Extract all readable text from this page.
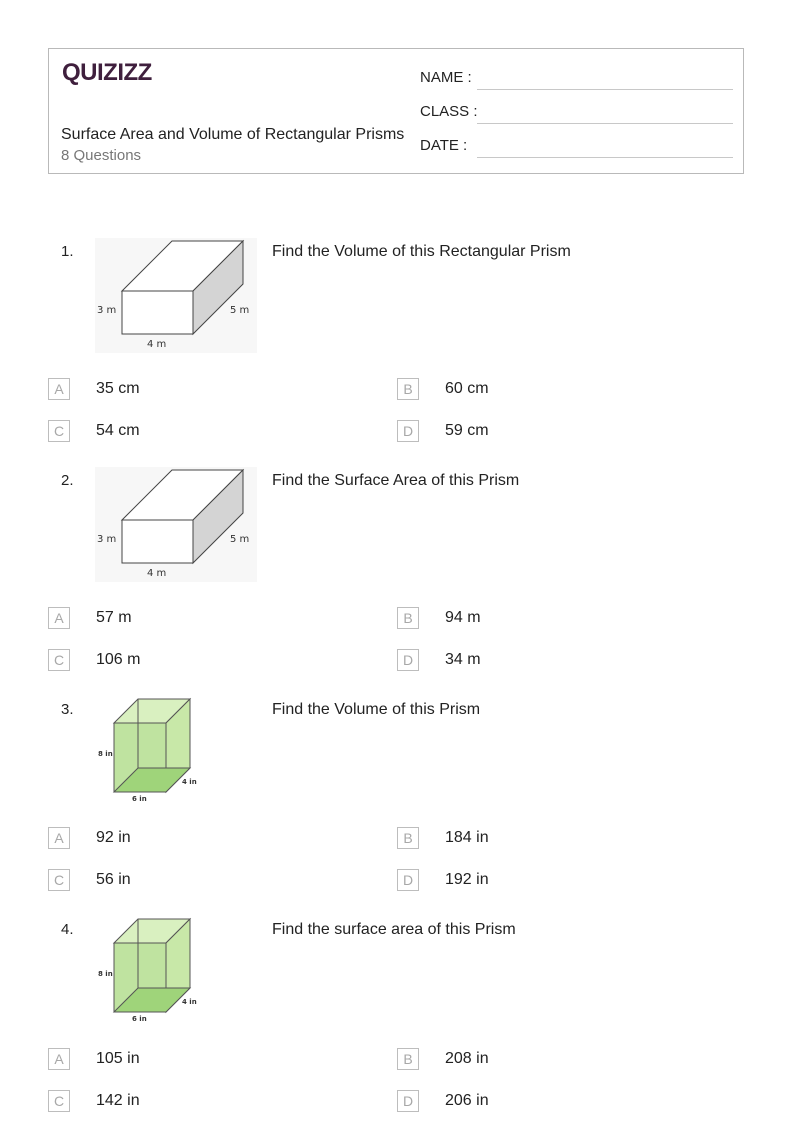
QUIZIZZ
Surface Area and Volume of Rectangular Prisms
8 Questions
NAME :
CLASS :
DATE :
1.	Find the Volume of this Rectangular Prism
3 m	5 m
4 m
A	35 cm	B	60 cm
C	54 cm	D	59 cm
2.	Find the Surface Area of this Prism
3 m	5 m
4 m
A	57 m	B	94 m
C	106 m	D	34 m
3.	Find the Volume of this Prism
8 in
4 in
6 in
A	92 in	B	184 in
C	56 in	D	192 in
4.	Find the surface area of this Prism
8 in
4 in
6 in
A	105 in	B	208 in
C	142 in	D	206 in
